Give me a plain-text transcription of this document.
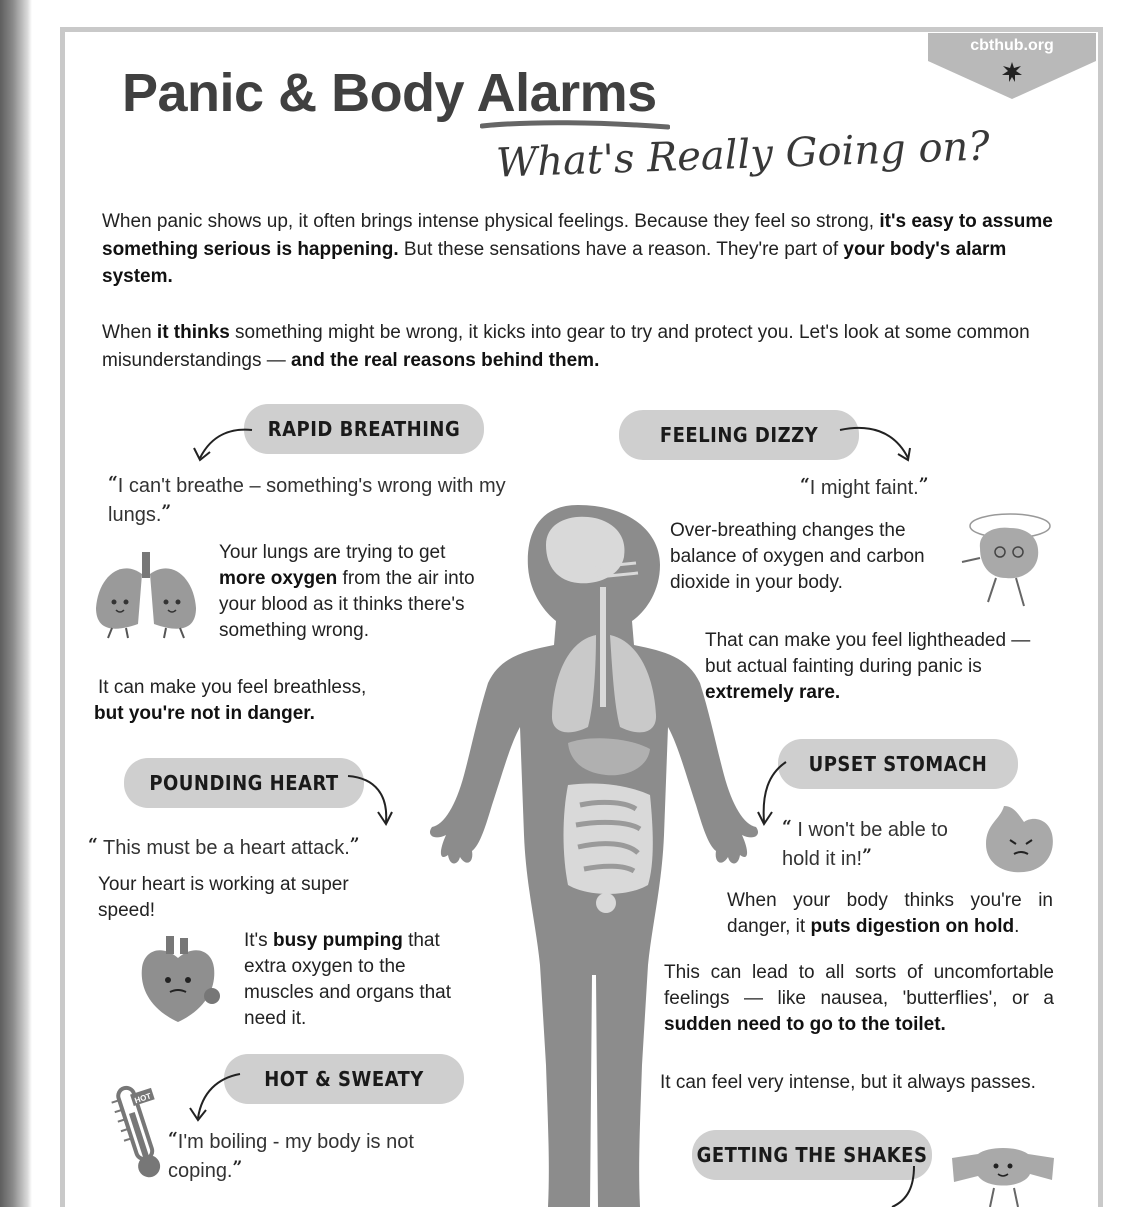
cbthub.org
Panic & Body Alarms
What's Really Going on?
When panic shows up, it often brings intense physical feelings. Because they feel so strong, it's easy to assume something serious is happening. But these sensations have a reason. They're part of your body's alarm system.
When it thinks something might be wrong, it kicks into gear to try and protect you. Let's look at some common misunderstandings — and the real reasons behind them.
RAPID BREATHING
“I can't breathe – something's wrong with my lungs.”
Your lungs are trying to get more oxygen from the air into your blood as it thinks there's something wrong.
It can make you feel breathless,
but you're not in danger.
FEELING DIZZY
“I might faint.”
Over-breathing changes the balance of oxygen and carbon dioxide in your body.
That can make you feel lightheaded — but actual fainting during panic is extremely rare.
POUNDING HEART
“ This must be a heart attack.”
Your heart is working at super speed!
It's busy pumping that extra oxygen to the muscles and organs that need it.
UPSET STOMACH
“ I won't be able to hold it in!”
When your body thinks you're in danger, it puts digestion on hold.
This can lead to all sorts of uncomfortable feelings — like nausea, 'butterflies', or a sudden need to go to the toilet.
It can feel very intense, but it always passes.
HOT & SWEATY
HOT
“I'm boiling - my body is not coping.”
GETTING THE SHAKES
